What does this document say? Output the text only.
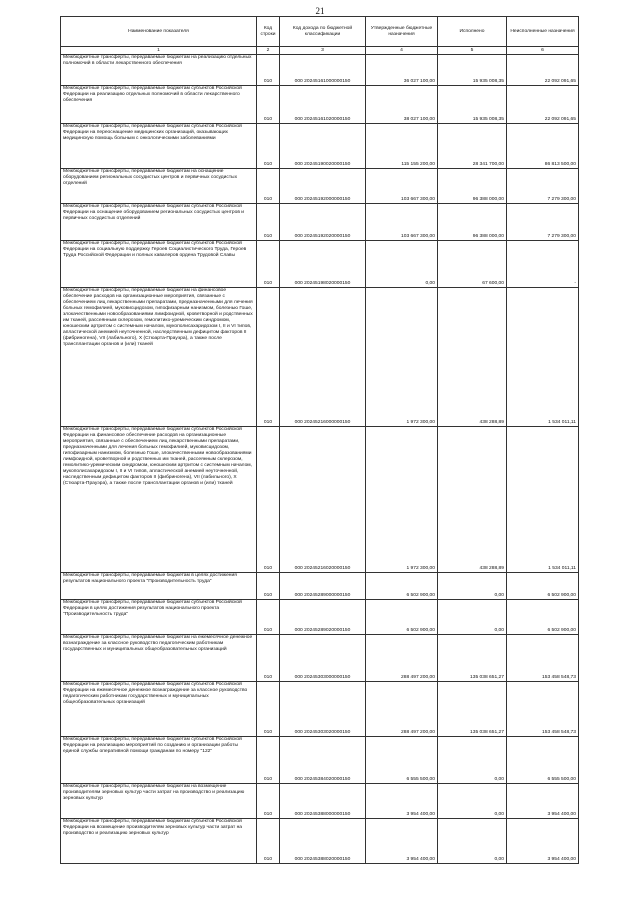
21
Наименование показателя	Код строки	Код дохода по бюджетной классификации	Утвержденные бюджетные назначения	Исполнено	Неисполненные назначения
1	2	3	4	5	6
Межбюджетные трансферты, передаваемые бюджетам на реализацию отдельных полномочий в области лекарственного обеспечения	010	000 20245161000000150	36 027 100,00	15 935 008,35	22 092 091,65
Межбюджетные трансферты, передаваемые бюджетам субъектов Российской Федерации на реализацию отдельных полномочий в области лекарственного обеспечения	010	000 20245161020000150	38 027 100,00	15 935 008,35	22 092 091,65
Межбюджетные трансферты, передаваемые бюджетам субъектов Российской Федерации на переоснащение медицинских организаций, оказывающих медицинскую помощь больным с онкологическими заболеваниями	010	000 20245190020000150	115 155 200,00	28 341 700,00	86 813 500,00
Межбюджетные трансферты, передаваемые бюджетам на оснащение оборудованием региональных сосудистых центров и первичных сосудистых отделений	010	000 20245192000000150	103 667 300,00	96 388 000,00	7 279 300,00
Межбюджетные трансферты, передаваемые бюджетам субъектов Российской Федерации на оснащение оборудованием региональных сосудистых центров и первичных сосудистых отделений	010	000 20245192020000150	103 667 300,00	96 388 000,00	7 279 300,00
Межбюджетные трансферты, передаваемые бюджетам субъектов Российской Федерации на социальную поддержку Героев Социалистического Труда, Героев Труда Российской Федерации и полных кавалеров ордена Трудовой Славы	010	000 20245198020000150	0,00	67 600,00	-
Межбюджетные трансферты, передаваемые бюджетам на финансовое обеспечение расходов на организационные мероприятия, связанные с обеспечением лиц лекарственными препаратами, предназначенными для лечения больных гемофилией, муковисцидозом, гипофизарным нанизмом, болезнью Гоше, злокачественными новообразованиями лимфоидной, кроветворной и родственных им тканей, рассеянным склерозом, гемолитико-уремическим синдромом, юношеским артритом с системным началом, мукополисахаридозом I, II и VI типов, апластической анемией неуточненной, наследственным дефицитом факторов II (фибриногена), VII (лабильного), X (Стюарта-Прауэра), а также после трансплантации органов и (или) тканей	010	000 20245216000000150	1 972 300,00	438 288,89	1 534 011,11
Межбюджетные трансферты, передаваемые бюджетам субъектов Российской Федерации на финансовое обеспечение расходов на организационные мероприятия, связанные с обеспечением лиц лекарственными препаратами, предназначенными для лечения больных гемофилией, муковисцидозом, гипофизарным нанизмом, болезнью Гоше, злокачественными новообразованиями лимфоидной, кроветворной и родственных им тканей, рассеянным склерозом, гемолитико-уремическим синдромом, юношеским артритом с системным началом, мукополисахаридозом I, II и VI типов, апластической анемией неуточненной, наследственным дефицитом факторов II (фибриногена), VII (лабильного), X (Стюарта-Прауэра), а также после трансплантации органов и (или) тканей	010	000 20245216020000150	1 972 300,00	438 288,89	1 534 011,11
Межбюджетные трансферты, передаваемые бюджетам в целях достижения результатов национального проекта "Производительность труда"	010	000 20245289000000150	6 502 900,00	0,00	6 502 900,00
Межбюджетные трансферты, передаваемые бюджетам субъектов Российской Федерации в целях достижения результатов национального проекта "Производительность труда"	010	000 20245289020000150	6 502 900,00	0,00	6 502 900,00
Межбюджетные трансферты, передаваемые бюджетам на ежемесячное денежное вознаграждение за классное руководство педагогическим работникам государственных и муниципальных общеобразовательных организаций	010	000 20245303000000150	288 497 200,00	135 038 651,27	153 458 548,73
Межбюджетные трансферты, передаваемые бюджетам субъектов Российской Федерации на ежемесячное денежное вознаграждение за классное руководство педагогическим работникам государственных и муниципальных общеобразовательных организаций	010	000 20245303020000150	288 497 200,00	135 038 651,27	153 458 548,73
Межбюджетные трансферты, передаваемые бюджетам субъектов Российской Федерации на реализацию мероприятий по созданию и организации работы единой службы оперативной помощи гражданам по номеру "122"	010	000 20245384020000150	6 555 500,00	0,00	6 555 500,00
Межбюджетные трансферты, передаваемые бюджетам на возмещение производителям зерновых культур части затрат на производство и реализацию зерновых культур	010	000 20245388000000150	3 954 400,00	0,00	3 954 400,00
Межбюджетные трансферты, передаваемые бюджетам субъектов Российской Федерации на возмещение производителям зерновых культур части затрат на производство и реализацию зерновых культур	010	000 20245388020000150	3 954 400,00	0,00	3 954 400,00
